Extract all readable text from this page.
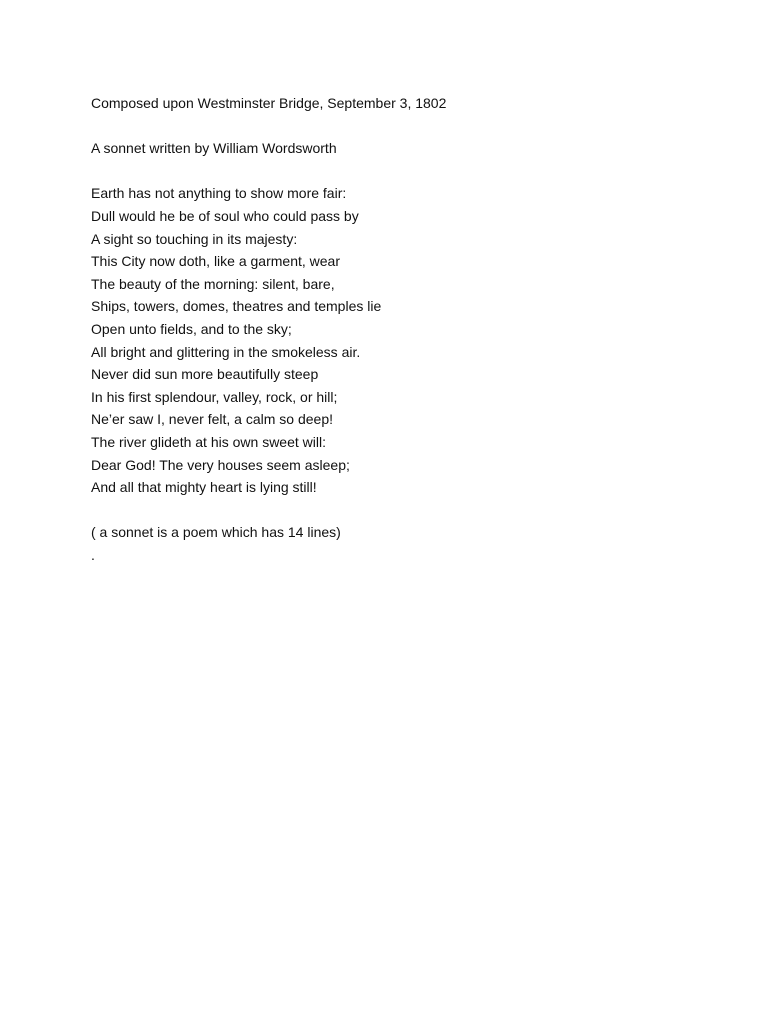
Composed upon Westminster Bridge, September 3, 1802

A sonnet written by William Wordsworth

Earth has not anything to show more fair:

Dull would he be of soul who could pass by

A sight so touching in its majesty:

This City now doth, like a garment, wear

The beauty of the morning: silent, bare,

Ships, towers, domes, theatres and temples lie

Open unto fields, and to the sky;

All bright and glittering in the smokeless air.

Never did sun more beautifully steep

In his first splendour, valley, rock, or hill;

Ne’er saw I, never felt, a calm so deep!

The river glideth at his own sweet will:

Dear God! The very houses seem asleep;

And all that mighty heart is lying still!

( a sonnet is a poem which has 14 lines)

.
